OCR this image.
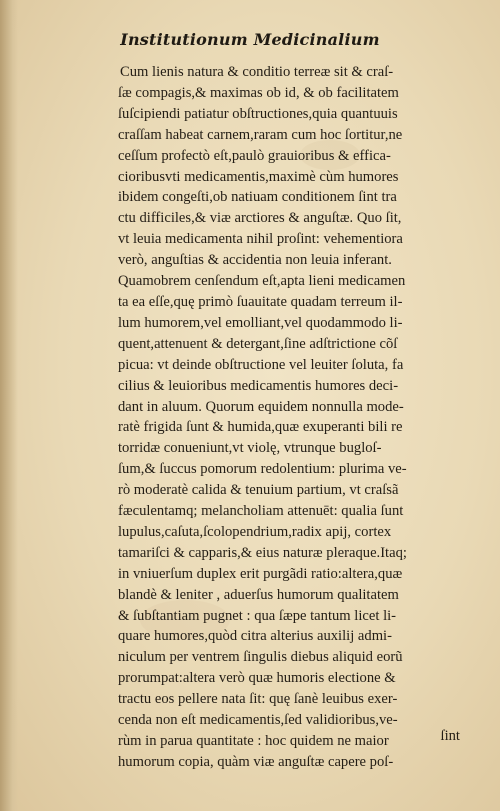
Institutionum Medicinalium
Cum lienis natura & conditio terreæ sit & craſ-
ſæ compagis,& maximas ob id, & ob facilitatem
ſuſcipiendi patiatur obſtructiones,quia quantuuis
craſſam habeat carnem,raram cum hoc ſortitur,ne
ceſſum profectò eſt,paulò grauioribus & effica-
cioribusvti medicamentis,maximè cùm humores
ibidem congeſti,ob natiuam conditionem ſint tra
ctu difficiles,& viæ arctiores & anguſtæ. Quo ſit,
vt leuia medicamenta nihil proſint: vehementiora
verò, anguſtias & accidentia non leuia inferant.
Quamobrem cenſendum eſt,apta lieni medicamen
ta ea eſſe,quę primò ſuauitate quadam terreum il-
lum humorem,vel emolliant,vel quodammodo li-
quent,attenuent & detergant,ſine adſtrictione cõſ
picua: vt deinde obſtructione vel leuiter ſoluta, fa
cilius & leuioribus medicamentis humores deci-
dant in aluum. Quorum equidem nonnulla mode-
ratè frigida ſunt & humida,quæ exuperanti bili re
torridæ conueniunt,vt violę, vtrunque bugloſ-
ſum,& ſuccus pomorum redolentium: plurima ve-
rò moderatè calida & tenuium partium, vt craſsã
fæculentamq; melancholiam attenuēt: qualia ſunt
lupulus,caſuta,ſcolopendrium,radix apij, cortex
tamariſci & capparis,& eius naturæ pleraque.Itaq;
in vniuerſum duplex erit purgãdi ratio:altera,quæ
blandè & leniter , aduerſus humorum qualitatem
& ſubſtantiam pugnet : qua ſæpe tantum licet li-
quare humores,quòd citra alterius auxilij admi-
niculum per ventrem ſingulis diebus aliquid eorũ
prorumpat:altera verò quæ humoris electione &
tractu eos pellere nata ſit: quę ſanè leuibus exer-
cenda non eſt medicamentis,ſed validioribus,ve-
rùm in parua quantitate : hoc quidem ne maior
humorum copia, quàm viæ anguſtæ capere poſ-
ſint
